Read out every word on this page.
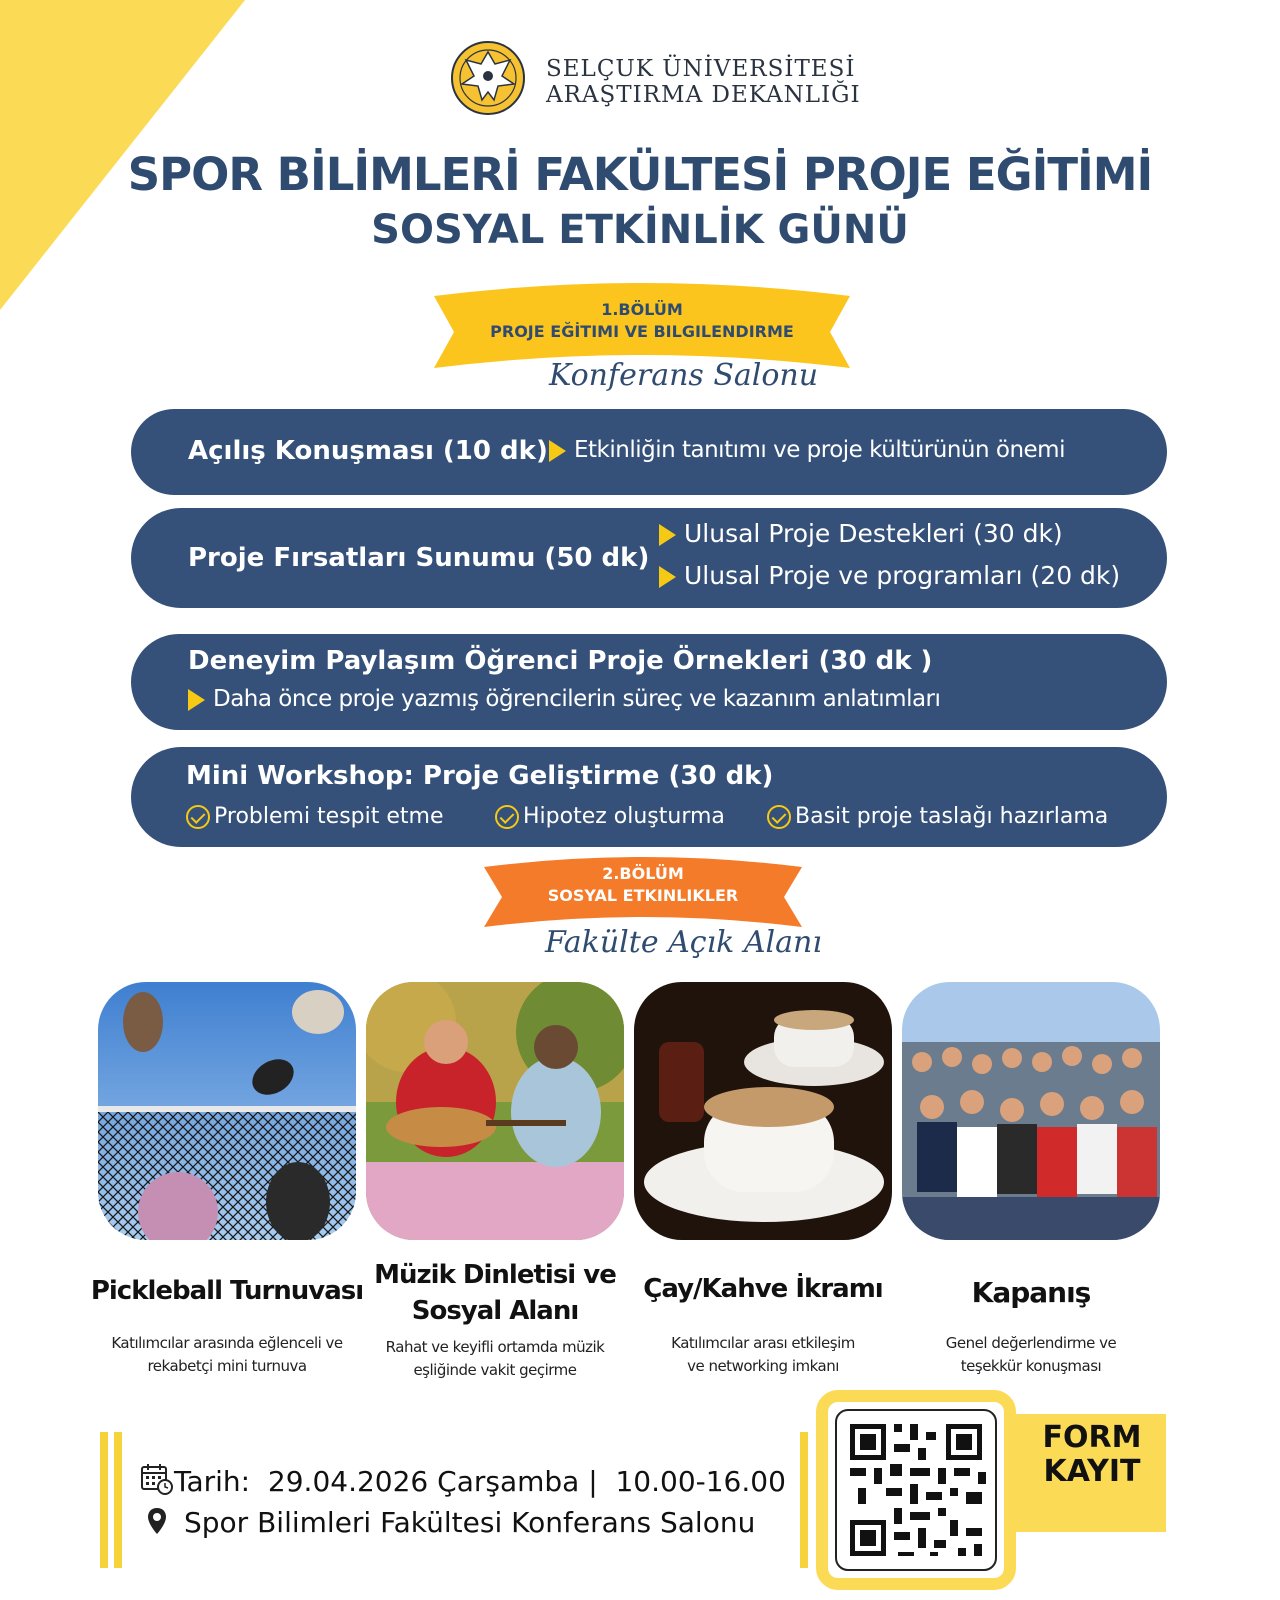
SELÇUK ÜNİVERSİTESİ
ARAŞTIRMA DEKANLIĞI
SPOR BİLİMLERİ FAKÜLTESİ PROJE EĞİTİMİ
SOSYAL ETKİNLİK GÜNÜ
1.BÖLÜM
PROJE EĞİTIMI VE BILGILENDIRME
Konferans Salonu
Açılış Konuşması (10 dk)	Etkinliğin tanıtımı ve proje kültürünün önemi
Proje Fırsatları Sunumu (50 dk)
Ulusal Proje Destekleri (30 dk)
Ulusal Proje ve programları (20 dk)
Deneyim Paylaşım Öğrenci Proje Örnekleri (30 dk )
Daha önce proje yazmış öğrencilerin süreç ve kazanım anlatımları
Mini Workshop: Proje Geliştirme (30 dk)
Problemi tespit etme	Hipotez oluşturma	Basit proje taslağı hazırlama
2.BÖLÜM
SOSYAL ETKINLIKLER
Fakülte Açık Alanı
Pickleball Turnuvası
Müzik Dinletisi ve
Sosyal Alanı
Çay/Kahve İkramı	Kapanış
Katılımcılar arasında eğlenceli ve
rekabetçi mini turnuva
Rahat ve keyifli ortamda müzik
eşliğinde vakit geçirme
Katılımcılar arası etkileşim
ve networking imkanı
Genel değerlendirme ve
teşekkür konuşması
Tarih: 29.04.2026 Çarşamba | 10.00-16.00
Spor Bilimleri Fakültesi Konferans Salonu
FORM
KAYIT
